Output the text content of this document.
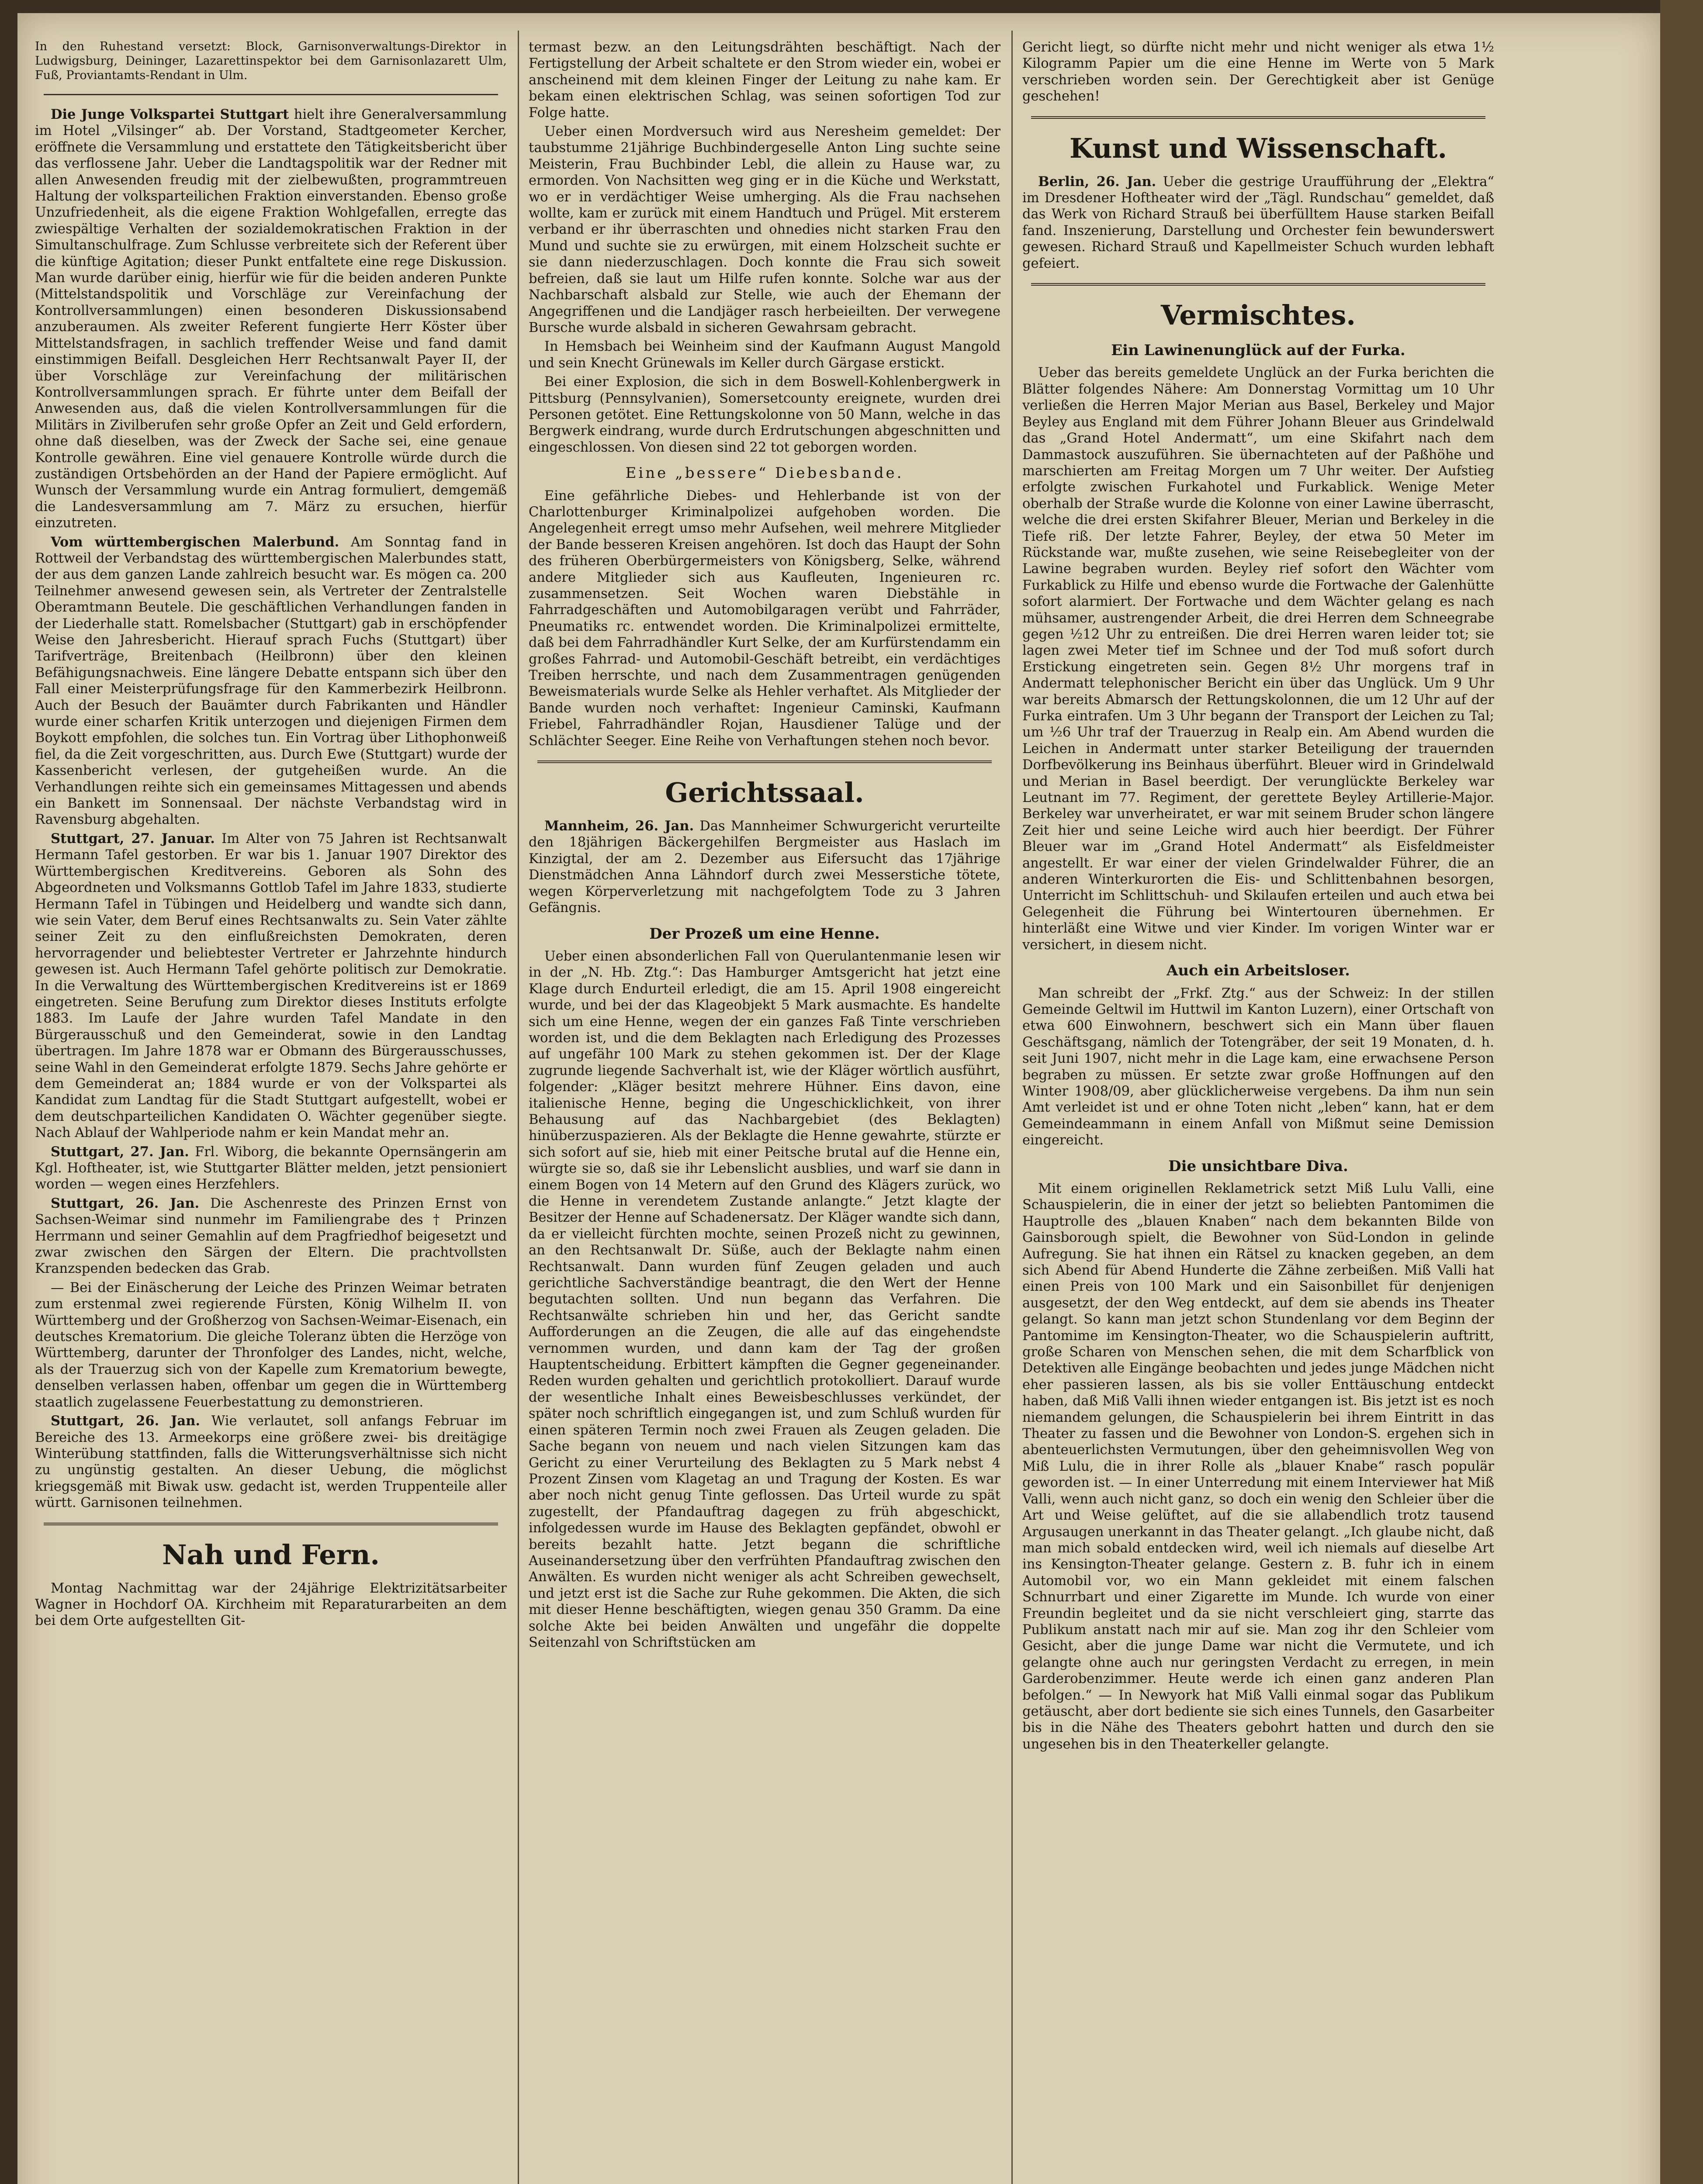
In den Ruhestand versetzt: Block, Garnisonverwaltungs-Direktor in Ludwigsburg, Deininger, Lazarettinspektor bei dem Garnisonlazarett Ulm, Fuß, Proviantamts-Rendant in Ulm.

Die Junge Volkspartei Stuttgart hielt ihre Generalversammlung im Hotel „Vilsinger“ ab. Der Vorstand, Stadtgeometer Kercher, eröffnete die Versammlung und erstattete den Tätigkeitsbericht über das verflossene Jahr. Ueber die Landtagspolitik war der Redner mit allen Anwesenden freudig mit der zielbewußten, programmtreuen Haltung der volksparteilichen Fraktion einverstanden. Ebenso große Unzufriedenheit, als die eigene Fraktion Wohlgefallen, erregte das zwiespältige Verhalten der sozialdemokratischen Fraktion in der Simultanschulfrage. Zum Schlusse verbreitete sich der Referent über die künftige Agitation; dieser Punkt entfaltete eine rege Diskussion. Man wurde darüber einig, hierfür wie für die beiden anderen Punkte (Mittelstandspolitik und Vorschläge zur Vereinfachung der Kontrollversammlungen) einen besonderen Diskussionsabend anzuberaumen. Als zweiter Referent fungierte Herr Köster über Mittelstandsfragen, in sachlich treffender Weise und fand damit einstimmigen Beifall. Desgleichen Herr Rechtsanwalt Payer II, der über Vorschläge zur Vereinfachung der militärischen Kontrollversammlungen sprach. Er führte unter dem Beifall der Anwesenden aus, daß die vielen Kontrollversammlungen für die Militärs in Zivilberufen sehr große Opfer an Zeit und Geld erfordern, ohne daß dieselben, was der Zweck der Sache sei, eine genaue Kontrolle gewähren. Eine viel genauere Kontrolle würde durch die zuständigen Ortsbehörden an der Hand der Papiere ermöglicht. Auf Wunsch der Versammlung wurde ein Antrag formuliert, demgemäß die Landesversammlung am 7. März zu ersuchen, hierfür einzutreten.

Vom württembergischen Malerbund. Am Sonntag fand in Rottweil der Verbandstag des württembergischen Malerbundes statt, der aus dem ganzen Lande zahlreich besucht war. Es mögen ca. 200 Teilnehmer anwesend gewesen sein, als Vertreter der Zentralstelle Oberamtmann Beutele. Die geschäftlichen Verhandlungen fanden in der Liederhalle statt. Romelsbacher (Stuttgart) gab in erschöpfender Weise den Jahresbericht. Hierauf sprach Fuchs (Stuttgart) über Tarifverträge, Breitenbach (Heilbronn) über den kleinen Befähigungsnachweis. Eine längere Debatte entspann sich über den Fall einer Meisterprüfungsfrage für den Kammerbezirk Heilbronn. Auch der Besuch der Bauämter durch Fabrikanten und Händler wurde einer scharfen Kritik unterzogen und diejenigen Firmen dem Boykott empfohlen, die solches tun. Ein Vortrag über Lithophonweiß fiel, da die Zeit vorgeschritten, aus. Durch Ewe (Stuttgart) wurde der Kassenbericht verlesen, der gutgeheißen wurde. An die Verhandlungen reihte sich ein gemeinsames Mittagessen und abends ein Bankett im Sonnensaal. Der nächste Verbandstag wird in Ravensburg abgehalten.

Stuttgart, 27. Januar. Im Alter von 75 Jahren ist Rechtsanwalt Hermann Tafel gestorben. Er war bis 1. Januar 1907 Direktor des Württembergischen Kreditvereins. Geboren als Sohn des Abgeordneten und Volksmanns Gottlob Tafel im Jahre 1833, studierte Hermann Tafel in Tübingen und Heidelberg und wandte sich dann, wie sein Vater, dem Beruf eines Rechtsanwalts zu. Sein Vater zählte seiner Zeit zu den einflußreichsten Demokraten, deren hervorragender und beliebtester Vertreter er Jahrzehnte hindurch gewesen ist. Auch Hermann Tafel gehörte politisch zur Demokratie. In die Verwaltung des Württembergischen Kreditvereins ist er 1869 eingetreten. Seine Berufung zum Direktor dieses Instituts erfolgte 1883. Im Laufe der Jahre wurden Tafel Mandate in den Bürgerausschuß und den Gemeinderat, sowie in den Landtag übertragen. Im Jahre 1878 war er Obmann des Bürgerausschusses, seine Wahl in den Gemeinderat erfolgte 1879. Sechs Jahre gehörte er dem Gemeinderat an; 1884 wurde er von der Volkspartei als Kandidat zum Landtag für die Stadt Stuttgart aufgestellt, wobei er dem deutschparteilichen Kandidaten O. Wächter gegenüber siegte. Nach Ablauf der Wahlperiode nahm er kein Mandat mehr an.

Stuttgart, 27. Jan. Frl. Wiborg, die bekannte Opernsängerin am Kgl. Hoftheater, ist, wie Stuttgarter Blätter melden, jetzt pensioniert worden — wegen eines Herzfehlers.

Stuttgart, 26. Jan. Die Aschenreste des Prinzen Ernst von Sachsen-Weimar sind nunmehr im Familiengrabe des † Prinzen Herrmann und seiner Gemahlin auf dem Pragfriedhof beigesetzt und zwar zwischen den Särgen der Eltern. Die prachtvollsten Kranzspenden bedecken das Grab.

— Bei der Einäscherung der Leiche des Prinzen Weimar betraten zum erstenmal zwei regierende Fürsten, König Wilhelm II. von Württemberg und der Großherzog von Sachsen-Weimar-Eisenach, ein deutsches Krematorium. Die gleiche Toleranz übten die Herzöge von Württemberg, darunter der Thronfolger des Landes, nicht, welche, als der Trauerzug sich von der Kapelle zum Krematorium bewegte, denselben verlassen haben, offenbar um gegen die in Württemberg staatlich zugelassene Feuerbestattung zu demonstrieren.

Stuttgart, 26. Jan. Wie verlautet, soll anfangs Februar im Bereiche des 13. Armeekorps eine größere zwei- bis dreitägige Winterübung stattfinden, falls die Witterungsverhältnisse sich nicht zu ungünstig gestalten. An dieser Uebung, die möglichst kriegsgemäß mit Biwak usw. gedacht ist, werden Truppenteile aller württ. Garnisonen teilnehmen.

Nah und Fern.

Montag Nachmittag war der 24jährige Elektrizitätsarbeiter Wagner in Hochdorf OA. Kirchheim mit Reparaturarbeiten an dem bei dem Orte aufgestellten Git-

termast bezw. an den Leitungsdrähten beschäftigt. Nach der Fertigstellung der Arbeit schaltete er den Strom wieder ein, wobei er anscheinend mit dem kleinen Finger der Leitung zu nahe kam. Er bekam einen elektrischen Schlag, was seinen sofortigen Tod zur Folge hatte.

Ueber einen Mordversuch wird aus Neresheim gemeldet: Der taubstumme 21jährige Buchbindergeselle Anton Ling suchte seine Meisterin, Frau Buchbinder Lebl, die allein zu Hause war, zu ermorden. Von Nachsitten weg ging er in die Küche und Werkstatt, wo er in verdächtiger Weise umherging. Als die Frau nachsehen wollte, kam er zurück mit einem Handtuch und Prügel. Mit ersterem verband er ihr überraschten und ohnedies nicht starken Frau den Mund und suchte sie zu erwürgen, mit einem Holzscheit suchte er sie dann niederzuschlagen. Doch konnte die Frau sich soweit befreien, daß sie laut um Hilfe rufen konnte. Solche war aus der Nachbarschaft alsbald zur Stelle, wie auch der Ehemann der Angegriffenen und die Landjäger rasch herbeieilten. Der verwegene Bursche wurde alsbald in sicheren Gewahrsam gebracht.

In Hemsbach bei Weinheim sind der Kaufmann August Mangold und sein Knecht Grünewals im Keller durch Gärgase erstickt.

Bei einer Explosion, die sich in dem Boswell-Kohlenbergwerk in Pittsburg (Pennsylvanien), Somersetcounty ereignete, wurden drei Personen getötet. Eine Rettungskolonne von 50 Mann, welche in das Bergwerk eindrang, wurde durch Erdrutschungen abgeschnitten und eingeschlossen. Von diesen sind 22 tot geborgen worden.

Eine „bessere“ Diebesbande.

Eine gefährliche Diebes- und Hehlerbande ist von der Charlottenburger Kriminalpolizei aufgehoben worden. Die Angelegenheit erregt umso mehr Aufsehen, weil mehrere Mitglieder der Bande besseren Kreisen angehören. Ist doch das Haupt der Sohn des früheren Oberbürgermeisters von Königsberg, Selke, während andere Mitglieder sich aus Kaufleuten, Ingenieuren rc. zusammensetzen. Seit Wochen waren Diebstähle in Fahrradgeschäften und Automobilgaragen verübt und Fahrräder, Pneumatiks rc. entwendet worden. Die Kriminalpolizei ermittelte, daß bei dem Fahrradhändler Kurt Selke, der am Kurfürstendamm ein großes Fahrrad- und Automobil-Geschäft betreibt, ein verdächtiges Treiben herrschte, und nach dem Zusammentragen genügenden Beweismaterials wurde Selke als Hehler verhaftet. Als Mitglieder der Bande wurden noch verhaftet: Ingenieur Caminski, Kaufmann Friebel, Fahrradhändler Rojan, Hausdiener Talüge und der Schlächter Seeger. Eine Reihe von Verhaftungen stehen noch bevor.

Gerichtssaal.

Mannheim, 26. Jan. Das Mannheimer Schwurgericht verurteilte den 18jährigen Bäckergehilfen Bergmeister aus Haslach im Kinzigtal, der am 2. Dezember aus Eifersucht das 17jährige Dienstmädchen Anna Lähndorf durch zwei Messerstiche tötete, wegen Körperverletzung mit nachgefolgtem Tode zu 3 Jahren Gefängnis.

Der Prozeß um eine Henne.

Ueber einen absonderlichen Fall von Querulantenmanie lesen wir in der „N. Hb. Ztg.“: Das Hamburger Amtsgericht hat jetzt eine Klage durch Endurteil erledigt, die am 15. April 1908 eingereicht wurde, und bei der das Klageobjekt 5 Mark ausmachte. Es handelte sich um eine Henne, wegen der ein ganzes Faß Tinte verschrieben worden ist, und die dem Beklagten nach Erledigung des Prozesses auf ungefähr 100 Mark zu stehen gekommen ist. Der der Klage zugrunde liegende Sachverhalt ist, wie der Kläger wörtlich ausführt, folgender: „Kläger besitzt mehrere Hühner. Eins davon, eine italienische Henne, beging die Ungeschicklichkeit, von ihrer Behausung auf das Nachbargebiet (des Beklagten) hinüberzuspazieren. Als der Beklagte die Henne gewahrte, stürzte er sich sofort auf sie, hieb mit einer Peitsche brutal auf die Henne ein, würgte sie so, daß sie ihr Lebenslicht ausblies, und warf sie dann in einem Bogen von 14 Metern auf den Grund des Klägers zurück, wo die Henne in verendetem Zustande anlangte.“ Jetzt klagte der Besitzer der Henne auf Schadenersatz. Der Kläger wandte sich dann, da er vielleicht fürchten mochte, seinen Prozeß nicht zu gewinnen, an den Rechtsanwalt Dr. Süße, auch der Beklagte nahm einen Rechtsanwalt. Dann wurden fünf Zeugen geladen und auch gerichtliche Sachverständige beantragt, die den Wert der Henne begutachten sollten. Und nun begann das Verfahren. Die Rechtsanwälte schrieben hin und her, das Gericht sandte Aufforderungen an die Zeugen, die alle auf das eingehendste vernommen wurden, und dann kam der Tag der großen Hauptentscheidung. Erbittert kämpften die Gegner gegeneinander. Reden wurden gehalten und gerichtlich protokolliert. Darauf wurde der wesentliche Inhalt eines Beweisbeschlusses verkündet, der später noch schriftlich eingegangen ist, und zum Schluß wurden für einen späteren Termin noch zwei Frauen als Zeugen geladen. Die Sache begann von neuem und nach vielen Sitzungen kam das Gericht zu einer Verurteilung des Beklagten zu 5 Mark nebst 4 Prozent Zinsen vom Klagetag an und Tragung der Kosten. Es war aber noch nicht genug Tinte geflossen. Das Urteil wurde zu spät zugestellt, der Pfandauftrag dagegen zu früh abgeschickt, infolgedessen wurde im Hause des Beklagten gepfändet, obwohl er bereits bezahlt hatte. Jetzt begann die schriftliche Auseinandersetzung über den verfrühten Pfandauftrag zwischen den Anwälten. Es wurden nicht weniger als acht Schreiben gewechselt, und jetzt erst ist die Sache zur Ruhe gekommen. Die Akten, die sich mit dieser Henne beschäftigten, wiegen genau 350 Gramm. Da eine solche Akte bei beiden Anwälten und ungefähr die doppelte Seitenzahl von Schriftstücken am

Gericht liegt, so dürfte nicht mehr und nicht weniger als etwa 1½ Kilogramm Papier um die eine Henne im Werte von 5 Mark verschrieben worden sein. Der Gerechtigkeit aber ist Genüge geschehen!

Kunst und Wissenschaft.

Berlin, 26. Jan. Ueber die gestrige Uraufführung der „Elektra“ im Dresdener Hoftheater wird der „Tägl. Rundschau“ gemeldet, daß das Werk von Richard Strauß bei überfülltem Hause starken Beifall fand. Inszenierung, Darstellung und Orchester fein bewunderswert gewesen. Richard Strauß und Kapellmeister Schuch wurden lebhaft gefeiert.

Vermischtes.
Ein Lawinenunglück auf der Furka.

Ueber das bereits gemeldete Unglück an der Furka berichten die Blätter folgendes Nähere: Am Donnerstag Vormittag um 10 Uhr verließen die Herren Major Merian aus Basel, Berkeley und Major Beyley aus England mit dem Führer Johann Bleuer aus Grindelwald das „Grand Hotel Andermatt“, um eine Skifahrt nach dem Dammastock auszuführen. Sie übernachteten auf der Paßhöhe und marschierten am Freitag Morgen um 7 Uhr weiter. Der Aufstieg erfolgte zwischen Furkahotel und Furkablick. Wenige Meter oberhalb der Straße wurde die Kolonne von einer Lawine überrascht, welche die drei ersten Skifahrer Bleuer, Merian und Berkeley in die Tiefe riß. Der letzte Fahrer, Beyley, der etwa 50 Meter im Rückstande war, mußte zusehen, wie seine Reisebegleiter von der Lawine begraben wurden. Beyley rief sofort den Wächter vom Furkablick zu Hilfe und ebenso wurde die Fortwache der Galenhütte sofort alarmiert. Der Fortwache und dem Wächter gelang es nach mühsamer, austrengender Arbeit, die drei Herren dem Schneegrabe gegen ½12 Uhr zu entreißen. Die drei Herren waren leider tot; sie lagen zwei Meter tief im Schnee und der Tod muß sofort durch Erstickung eingetreten sein. Gegen 8½ Uhr morgens traf in Andermatt telephonischer Bericht ein über das Unglück. Um 9 Uhr war bereits Abmarsch der Rettungskolonnen, die um 12 Uhr auf der Furka eintrafen. Um 3 Uhr begann der Transport der Leichen zu Tal; um ½6 Uhr traf der Trauerzug in Realp ein. Am Abend wurden die Leichen in Andermatt unter starker Beteiligung der trauernden Dorfbevölkerung ins Beinhaus überführt. Bleuer wird in Grindelwald und Merian in Basel beerdigt. Der verunglückte Berkeley war Leutnant im 77. Regiment, der gerettete Beyley Artillerie-Major. Berkeley war unverheiratet, er war mit seinem Bruder schon längere Zeit hier und seine Leiche wird auch hier beerdigt. Der Führer Bleuer war im „Grand Hotel Andermatt“ als Eisfeldmeister angestellt. Er war einer der vielen Grindelwalder Führer, die an anderen Winterkurorten die Eis- und Schlittenbahnen besorgen, Unterricht im Schlittschuh- und Skilaufen erteilen und auch etwa bei Gelegenheit die Führung bei Wintertouren übernehmen. Er hinterläßt eine Witwe und vier Kinder. Im vorigen Winter war er versichert, in diesem nicht.

Auch ein Arbeitsloser.

Man schreibt der „Frkf. Ztg.“ aus der Schweiz: In der stillen Gemeinde Geltwil im Huttwil im Kanton Luzern), einer Ortschaft von etwa 600 Einwohnern, beschwert sich ein Mann über flauen Geschäftsgang, nämlich der Totengräber, der seit 19 Monaten, d. h. seit Juni 1907, nicht mehr in die Lage kam, eine erwachsene Person begraben zu müssen. Er setzte zwar große Hoffnungen auf den Winter 1908/09, aber glücklicherweise vergebens. Da ihm nun sein Amt verleidet ist und er ohne Toten nicht „leben“ kann, hat er dem Gemeindeammann in einem Anfall von Mißmut seine Demission eingereicht.

Die unsichtbare Diva.

Mit einem originellen Reklametrick setzt Miß Lulu Valli, eine Schauspielerin, die in einer der jetzt so beliebten Pantomimen die Hauptrolle des „blauen Knaben“ nach dem bekannten Bilde von Gainsborough spielt, die Bewohner von Süd-London in gelinde Aufregung. Sie hat ihnen ein Rätsel zu knacken gegeben, an dem sich Abend für Abend Hunderte die Zähne zerbeißen. Miß Valli hat einen Preis von 100 Mark und ein Saisonbillet für denjenigen ausgesetzt, der den Weg entdeckt, auf dem sie abends ins Theater gelangt. So kann man jetzt schon Stundenlang vor dem Beginn der Pantomime im Kensington-Theater, wo die Schauspielerin auftritt, große Scharen von Menschen sehen, die mit dem Scharfblick von Detektiven alle Eingänge beobachten und jedes junge Mädchen nicht eher passieren lassen, als bis sie voller Enttäuschung entdeckt haben, daß Miß Valli ihnen wieder entgangen ist. Bis jetzt ist es noch niemandem gelungen, die Schauspielerin bei ihrem Eintritt in das Theater zu fassen und die Bewohner von London-S. ergehen sich in abenteuerlichsten Vermutungen, über den geheimnisvollen Weg von Miß Lulu, die in ihrer Rolle als „blauer Knabe“ rasch populär geworden ist. — In einer Unterredung mit einem Interviewer hat Miß Valli, wenn auch nicht ganz, so doch ein wenig den Schleier über die Art und Weise gelüftet, auf die sie allabendlich trotz tausend Argusaugen unerkannt in das Theater gelangt. „Ich glaube nicht, daß man mich sobald entdecken wird, weil ich niemals auf dieselbe Art ins Kensington-Theater gelange. Gestern z. B. fuhr ich in einem Automobil vor, wo ein Mann gekleidet mit einem falschen Schnurrbart und einer Zigarette im Munde. Ich wurde von einer Freundin begleitet und da sie nicht verschleiert ging, starrte das Publikum anstatt nach mir auf sie. Man zog ihr den Schleier vom Gesicht, aber die junge Dame war nicht die Vermutete, und ich gelangte ohne auch nur geringsten Verdacht zu erregen, in mein Garderobenzimmer. Heute werde ich einen ganz anderen Plan befolgen.“ — In Newyork hat Miß Valli einmal sogar das Publikum getäuscht, aber dort bediente sie sich eines Tunnels, den Gasarbeiter bis in die Nähe des Theaters gebohrt hatten und durch den sie ungesehen bis in den Theaterkeller gelangte.
